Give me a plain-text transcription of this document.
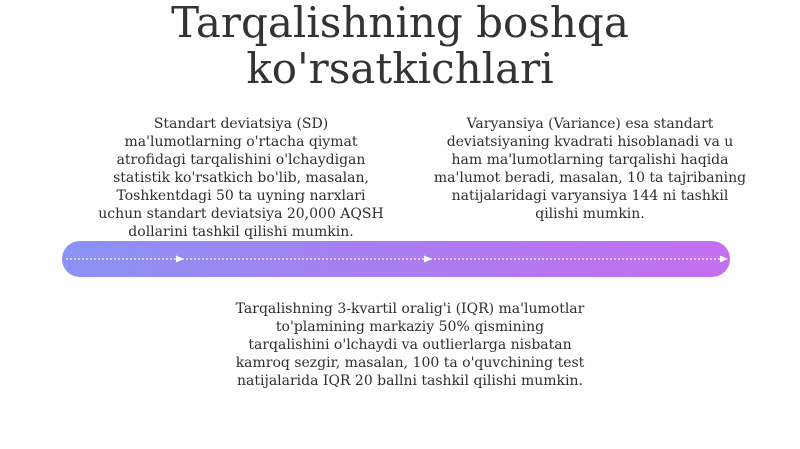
Tarqalishning boshqa
ko'rsatkichlari
Standart deviatsiya (SD)
ma'lumotlarning o'rtacha qiymat
atrofidagi tarqalishini o'lchaydigan
statistik ko'rsatkich bo'lib, masalan,
Toshkentdagi 50 ta uyning narxlari
uchun standart deviatsiya 20,000 AQSH
dollarini tashkil qilishi mumkin.
Varyansiya (Variance) esa standart
deviatsiyaning kvadrati hisoblanadi va u
ham ma'lumotlarning tarqalishi haqida
ma'lumot beradi, masalan, 10 ta tajribaning
natijalaridagi varyansiya 144 ni tashkil
qilishi mumkin.
Tarqalishning 3-kvartil oralig'i (IQR) ma'lumotlar
to'plamining markaziy 50% qismining
tarqalishini o'lchaydi va outlierlarga nisbatan
kamroq sezgir, masalan, 100 ta o'quvchining test
natijalarida IQR 20 ballni tashkil qilishi mumkin.
